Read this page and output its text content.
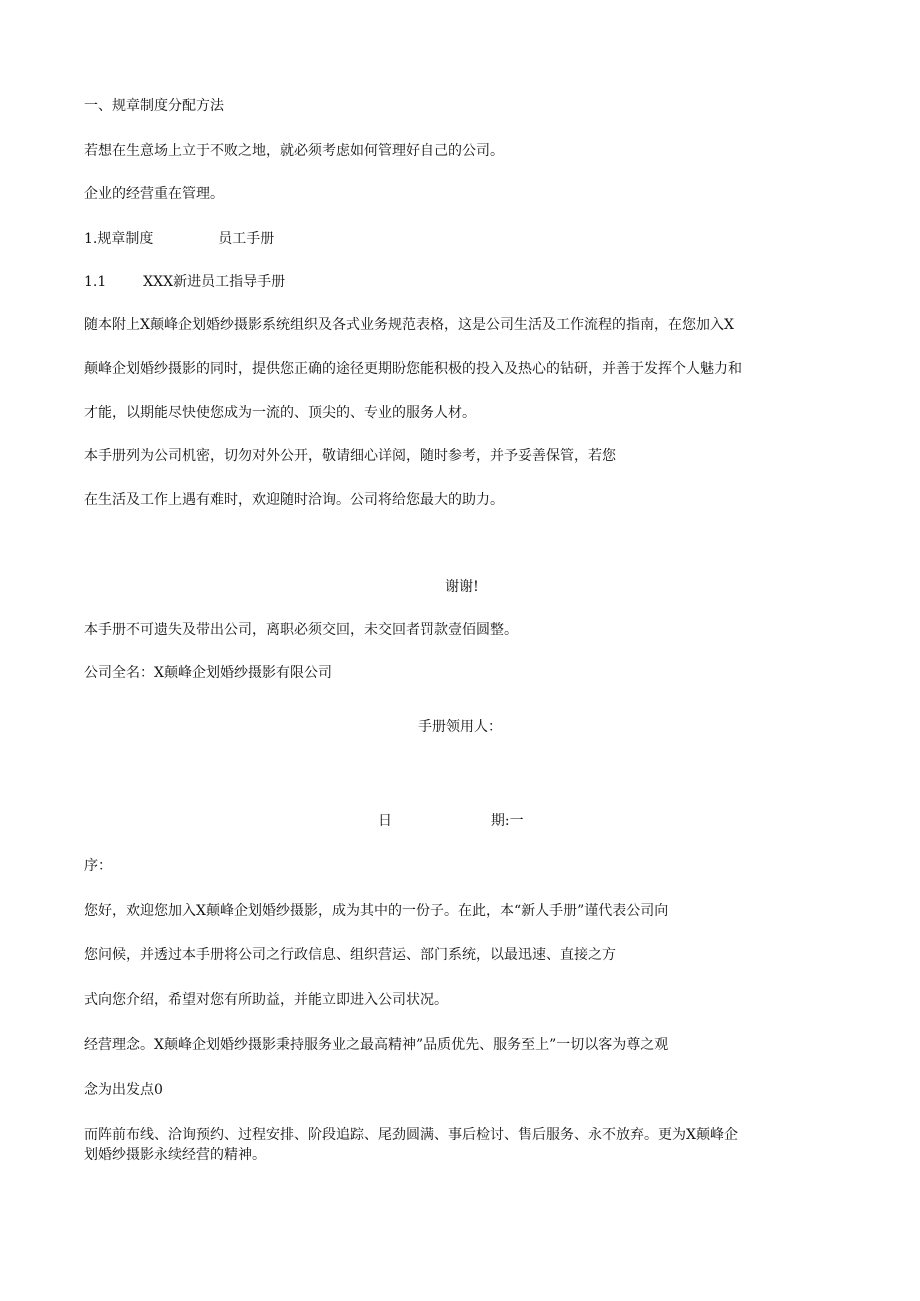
一、规章制度分配方法
若想在生意场上立于不败之地，就必须考虑如何管理好自己的公司。
企业的经营重在管理。
1.规章制度	员工手册
1.1	XXX新进员工指导手册
随本附上X颠峰企划婚纱摄影系统组织及各式业务规范表格，这是公司生活及工作流程的指南，在您加入X
颠峰企划婚纱摄影的同时，提供您正确的途径更期盼您能积极的投入及热心的钻研，并善于发挥个人魅力和
才能，以期能尽快使您成为一流的、顶尖的、专业的服务人材。
本手册列为公司机密，切勿对外公开，敬请细心详阅，随时参考，并予妥善保管，若您
在生活及工作上遇有难时，欢迎随时洽询。公司将给您最大的助力。
谢谢!
本手册不可遗失及带出公司，离职必须交回，未交回者罚款壹佰圆整。
公司全名：X颠峰企划婚纱摄影有限公司
手册领用人：
日	期:一
序：
您好，欢迎您加入X颠峰企划婚纱摄影，成为其中的一份子。在此，本“新人手册”谨代表公司向
您问候，并透过本手册将公司之行政信息、组织营运、部门系统，以最迅速、直接之方
式向您介绍，希望对您有所助益，并能立即进入公司状况。
经营理念。X颠峰企划婚纱摄影秉持服务业之最高精神”品质优先、服务至上”一切以客为尊之观
念为出发点0
而阵前布线、洽询预约、过程安排、阶段追踪、尾劲圆满、事后检讨、售后服务、永不放弃。更为X颠峰企
划婚纱摄影永续经营的精神。
